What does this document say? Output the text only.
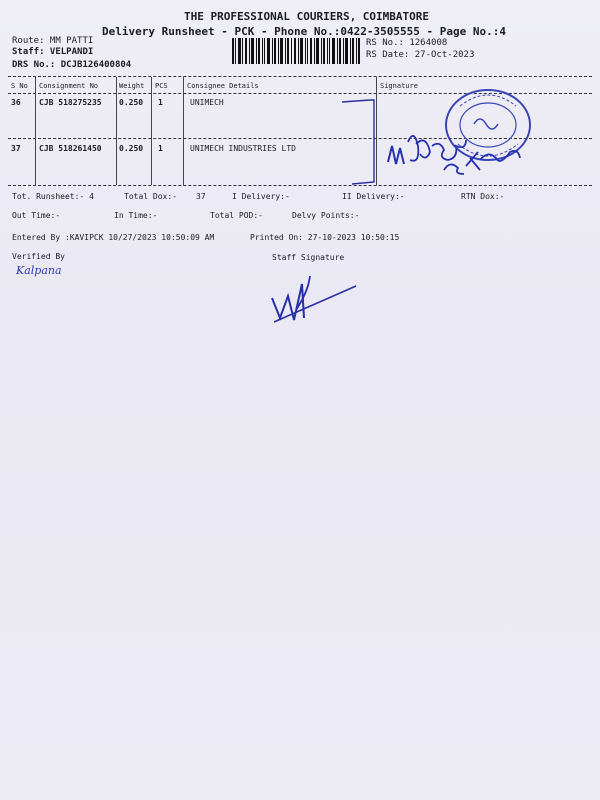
THE PROFESSIONAL COURIERS, COIMBATORE
Delivery Runsheet - PCK - Phone No.:0422-3505555 - Page No.:4
Route: MM PATTI
Staff: VELPANDI
DRS No.: DCJB126400804
RS No.: 1264008
RS Date: 27-Oct-2023
S No Consignment No	Weight PCS	Consignee Details	Signature
36 CJB 518275235 0.250 1	UNIMECH
37 CJB 518261450 0.250 1	UNIMECH INDUSTRIES LTD
Tot. Runsheet:- 4	Total Dox:- 37	I Delivery:-	II Delivery:-	RTN Dox:-
Out Time:-	In Time:-	Total POD:-	Delvy Points:-
Entered By :KAVIPCK 10/27/2023 10:50:09 AM	Printed On: 27-10-2023 10:50:15
Verified By
Kalpana
Staff Signature
